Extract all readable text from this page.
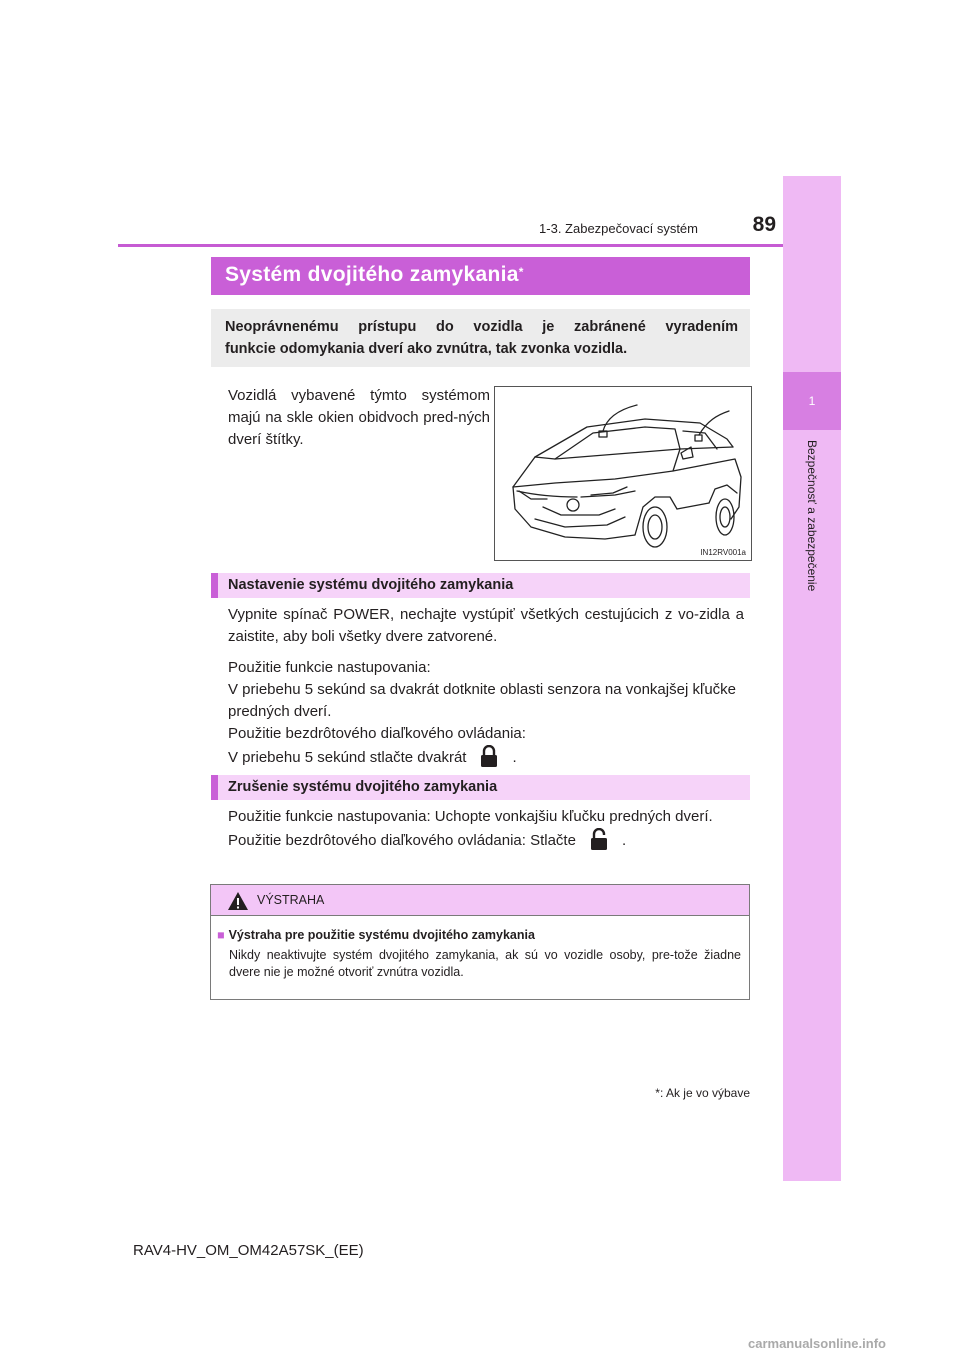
1
Bezpečnosť a zabezpečenie
1-3. Zabezpečovací systém	89
Systém dvojitého zamykania*
Neoprávnenému prístupu do vozidla je zabránené vyradením
funkcie odomykania dverí ako zvnútra, tak zvonka vozidla.
Vozidlá vybavené týmto systémom majú na skle okien obidvoch pred-ných dverí štítky.
IN12RV001a
Nastavenie systému dvojitého zamykania
Vypnite spínač POWER, nechajte vystúpiť všetkých cestujúcich z vo-zidla a zaistite, aby boli všetky dvere zatvorené.
Použitie funkcie nastupovania:
V priebehu 5 sekúnd sa dvakrát dotknite oblasti senzora na vonkajšej kľučke predných dverí.
Použitie bezdrôtového diaľkového ovládania:
V priebehu 5 sekúnd stlačte dvakrát	.
Zrušenie systému dvojitého zamykania
Použitie funkcie nastupovania: Uchopte vonkajšiu kľučku predných dverí.
Použitie bezdrôtového diaľkového ovládania: Stlačte	.
VÝSTRAHA
■ Výstraha pre použitie systému dvojitého zamykania
Nikdy neaktivujte systém dvojitého zamykania, ak sú vo vozidle osoby, pre-tože žiadne dvere nie je možné otvoriť zvnútra vozidla.
*: Ak je vo výbave
RAV4-HV_OM_OM42A57SK_(EE)
carmanualsonline.info
